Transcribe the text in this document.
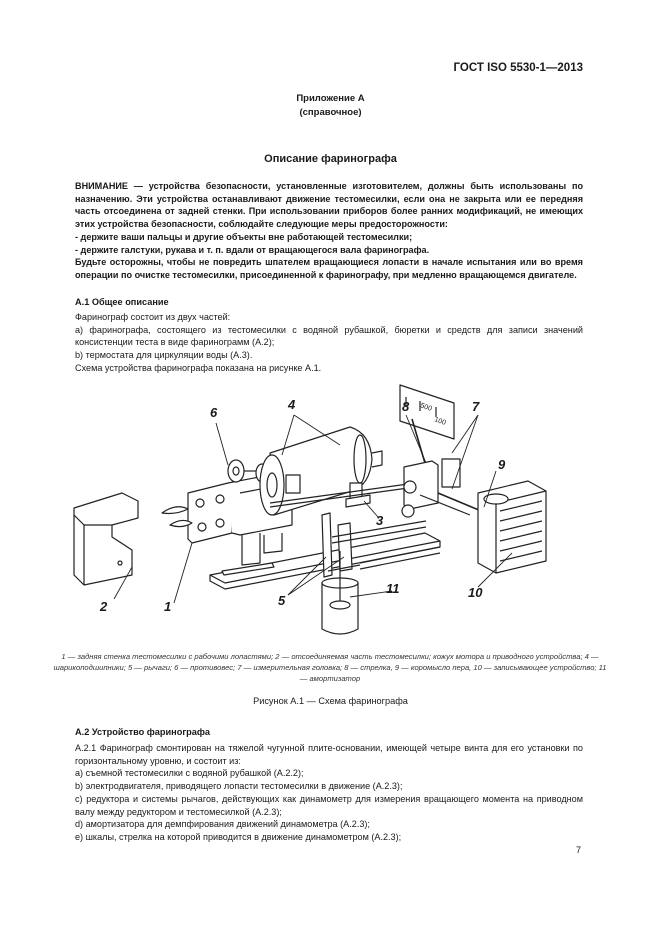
ГОСТ ISO 5530-1—2013
Приложение А
(справочное)
Описание фаринографа
ВНИМАНИЕ — устройства безопасности, установленные изготовителем, должны быть использованы по назначению. Эти устройства останавливают движение тестомесилки, если она не закрыта или ее передняя часть отсоединена от задней стенки. При использовании приборов более ранних модификаций, не имеющих этих устройства безопасности, соблюдайте следующие меры предосторожности:
- держите ваши пальцы и другие объекты вне работающей тестомесилки;
- держите галстуки, рукава и т. п. вдали от вращающегося вала фаринографа.
Будьте осторожны, чтобы не повредить шпателем вращающиеся лопасти в начале испытания или во время операции по очистке тестомесилки, присоединенной к фаринографу, при медленно вращающемся двигателе.
А.1 Общее описание
Фаринограф состоит из двух частей:
а) фаринографа, состоящего из тестомесилки с водяной рубашкой, бюретки и средств для записи значений консистенции теста в виде фаринограмм (А.2);
b) термостата для циркуляции воды (А.3).
Схема устройства фаринографа показана на рисунке А.1.
500
100
6
4	8	7
9
3
2	1	5
11	10
1 — задняя стенка тестомесилки с рабочими лопастями; 2 — отсоединяемая часть тестомесилки; кожух мотора и приводного устройства; 4 — шарикоподшипники; 5 — рычаги; 6 — противовес; 7 — измерительная головка; 8 — стрелка, 9 — коромысло пера, 10 — записывающее устройство; 11 — амортизатор
Рисунок А.1 — Схема фаринографа
А.2 Устройство фаринографа
А.2.1 Фаринограф смонтирован на тяжелой чугунной плите-основании, имеющей четыре винта для его установки по горизонтальному уровню, и состоит из:
а) съемной тестомесилки с водяной рубашкой (А.2.2);
b) электродвигателя, приводящего лопасти тестомесилки в движение (А.2.3);
с) редуктора и системы рычагов, действующих как динамометр для измерения вращающего момента на приводном валу между редуктором и тестомесилкой (А.2.3);
d) амортизатора для демпфирования движений динамометра (А.2.3);
е) шкалы, стрелка на которой приводится в движение динамометром (А.2.3);
7
